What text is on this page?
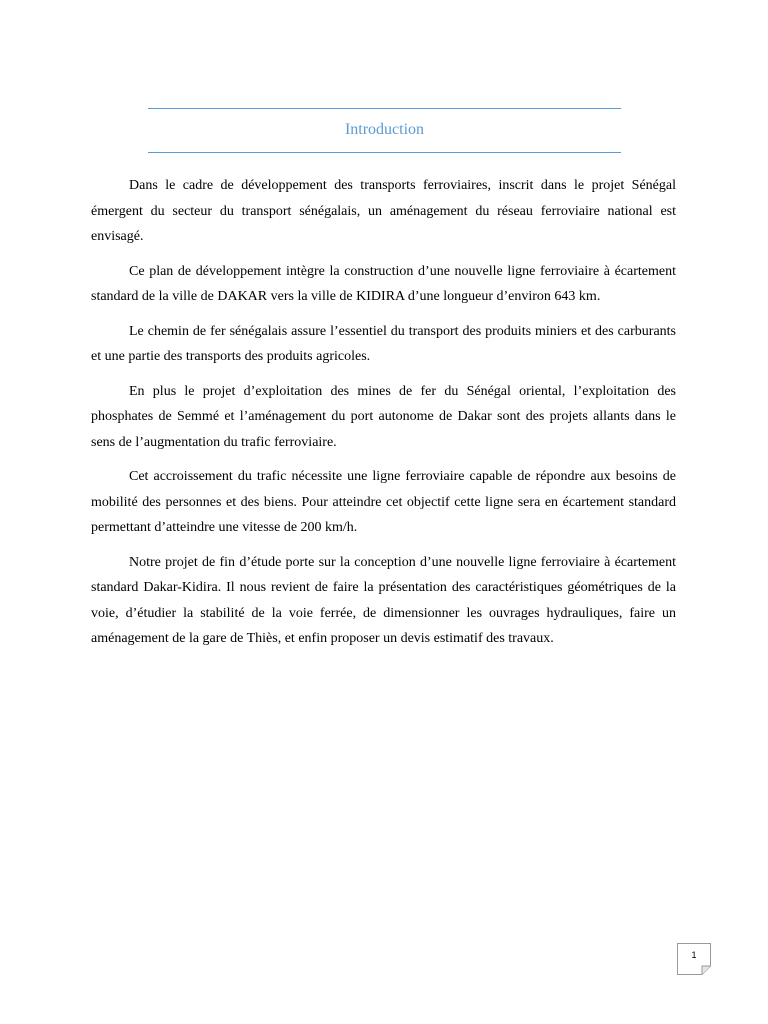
Introduction

Dans le cadre de développement des transports ferroviaires, inscrit dans le projet Sénégal émergent du secteur du transport sénégalais, un aménagement du réseau ferroviaire national est envisagé.

Ce plan de développement intègre la construction d’une nouvelle ligne ferroviaire à écartement standard de la ville de DAKAR vers la ville de KIDIRA d’une longueur d’environ 643 km.

Le chemin de fer sénégalais assure l’essentiel du transport des produits miniers et des carburants et une partie des transports des produits agricoles.

En plus le projet d’exploitation des mines de fer du Sénégal oriental, l’exploitation des phosphates de Semmé et l’aménagement du port autonome de Dakar sont des projets allants dans le sens de l’augmentation du trafic ferroviaire.

Cet accroissement du trafic nécessite une ligne ferroviaire capable de répondre aux besoins de mobilité des personnes et des biens. Pour atteindre cet objectif cette ligne sera en écartement standard permettant d’atteindre une vitesse de 200 km/h.

Notre projet de fin d’étude porte sur la conception d’une nouvelle ligne ferroviaire à écartement standard Dakar-Kidira. Il nous revient de faire la présentation des caractéristiques géométriques de la voie, d’étudier la stabilité de la voie ferrée, de dimensionner les ouvrages hydrauliques, faire un aménagement de la gare de Thiès, et enfin proposer un devis estimatif des travaux.

1
